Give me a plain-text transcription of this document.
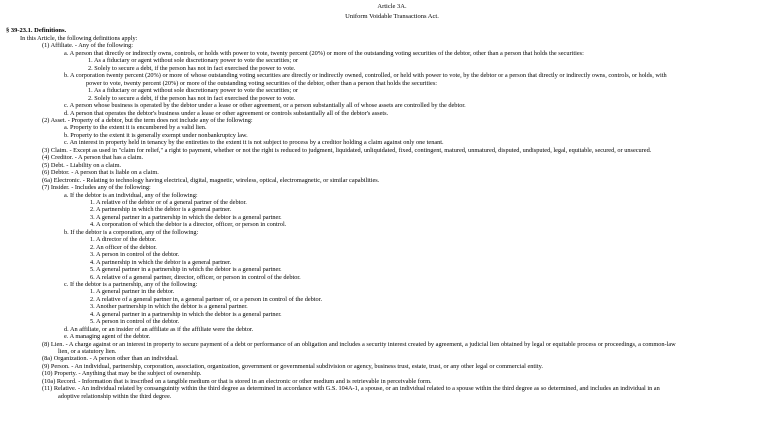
Article 3A.
Uniform Voidable Transactions Act.
§ 39-23.1. Definitions.
In this Article, the following definitions apply:
(1) Affiliate. - Any of the following:
a. A person that directly or indirectly owns, controls, or holds with power to vote, twenty percent (20%) or more of the outstanding voting securities of the debtor, other than a person that holds the securities:
1. As a fiduciary or agent without sole discretionary power to vote the securities; or
2. Solely to secure a debt, if the person has not in fact exercised the power to vote.
b. A corporation twenty percent (20%) or more of whose outstanding voting securities are directly or indirectly owned, controlled, or held with power to vote, by the debtor or a person that directly or indirectly owns, controls, or holds, with
power to vote, twenty percent (20%) or more of the outstanding voting securities of the debtor, other than a person that holds the securities:
1. As a fiduciary or agent without sole discretionary power to vote the securities; or
2. Solely to secure a debt, if the person has not in fact exercised the power to vote.
c. A person whose business is operated by the debtor under a lease or other agreement, or a person substantially all of whose assets are controlled by the debtor.
d. A person that operates the debtor's business under a lease or other agreement or controls substantially all of the debtor's assets.
(2) Asset. - Property of a debtor, but the term does not include any of the following:
a. Property to the extent it is encumbered by a valid lien.
b. Property to the extent it is generally exempt under nonbankruptcy law.
c. An interest in property held in tenancy by the entireties to the extent it is not subject to process by a creditor holding a claim against only one tenant.
(3) Claim. - Except as used in "claim for relief," a right to payment, whether or not the right is reduced to judgment, liquidated, unliquidated, fixed, contingent, matured, unmatured, disputed, undisputed, legal, equitable, secured, or unsecured.
(4) Creditor. - A person that has a claim.
(5) Debt. - Liability on a claim.
(6) Debtor. - A person that is liable on a claim.
(6a) Electronic. - Relating to technology having electrical, digital, magnetic, wireless, optical, electromagnetic, or similar capabilities.
(7) Insider. - Includes any of the following:
a. If the debtor is an individual, any of the following:
1. A relative of the debtor or of a general partner of the debtor.
2. A partnership in which the debtor is a general partner.
3. A general partner in a partnership in which the debtor is a general partner.
4. A corporation of which the debtor is a director, officer, or person in control.
b. If the debtor is a corporation, any of the following:
1. A director of the debtor.
2. An officer of the debtor.
3. A person in control of the debtor.
4. A partnership in which the debtor is a general partner.
5. A general partner in a partnership in which the debtor is a general partner.
6. A relative of a general partner, director, officer, or person in control of the debtor.
c. If the debtor is a partnership, any of the following:
1. A general partner in the debtor.
2. A relative of a general partner in, a general partner of, or a person in control of the debtor.
3. Another partnership in which the debtor is a general partner.
4. A general partner in a partnership in which the debtor is a general partner.
5. A person in control of the debtor.
d. An affiliate, or an insider of an affiliate as if the affiliate were the debtor.
e. A managing agent of the debtor.
(8) Lien. - A charge against or an interest in property to secure payment of a debt or performance of an obligation and includes a security interest created by agreement, a judicial lien obtained by legal or equitable process or proceedings, a common-law
lien, or a statutory lien.
(8a) Organization. - A person other than an individual.
(9) Person. - An individual, partnership, corporation, association, organization, government or governmental subdivision or agency, business trust, estate, trust, or any other legal or commercial entity.
(10) Property. - Anything that may be the subject of ownership.
(10a) Record. - Information that is inscribed on a tangible medium or that is stored in an electronic or other medium and is retrievable in perceivable form.
(11) Relative. - An individual related by consanguinity within the third degree as determined in accordance with G.S. 104A-1, a spouse, or an individual related to a spouse within the third degree as so determined, and includes an individual in an
adoptive relationship within the third degree.
